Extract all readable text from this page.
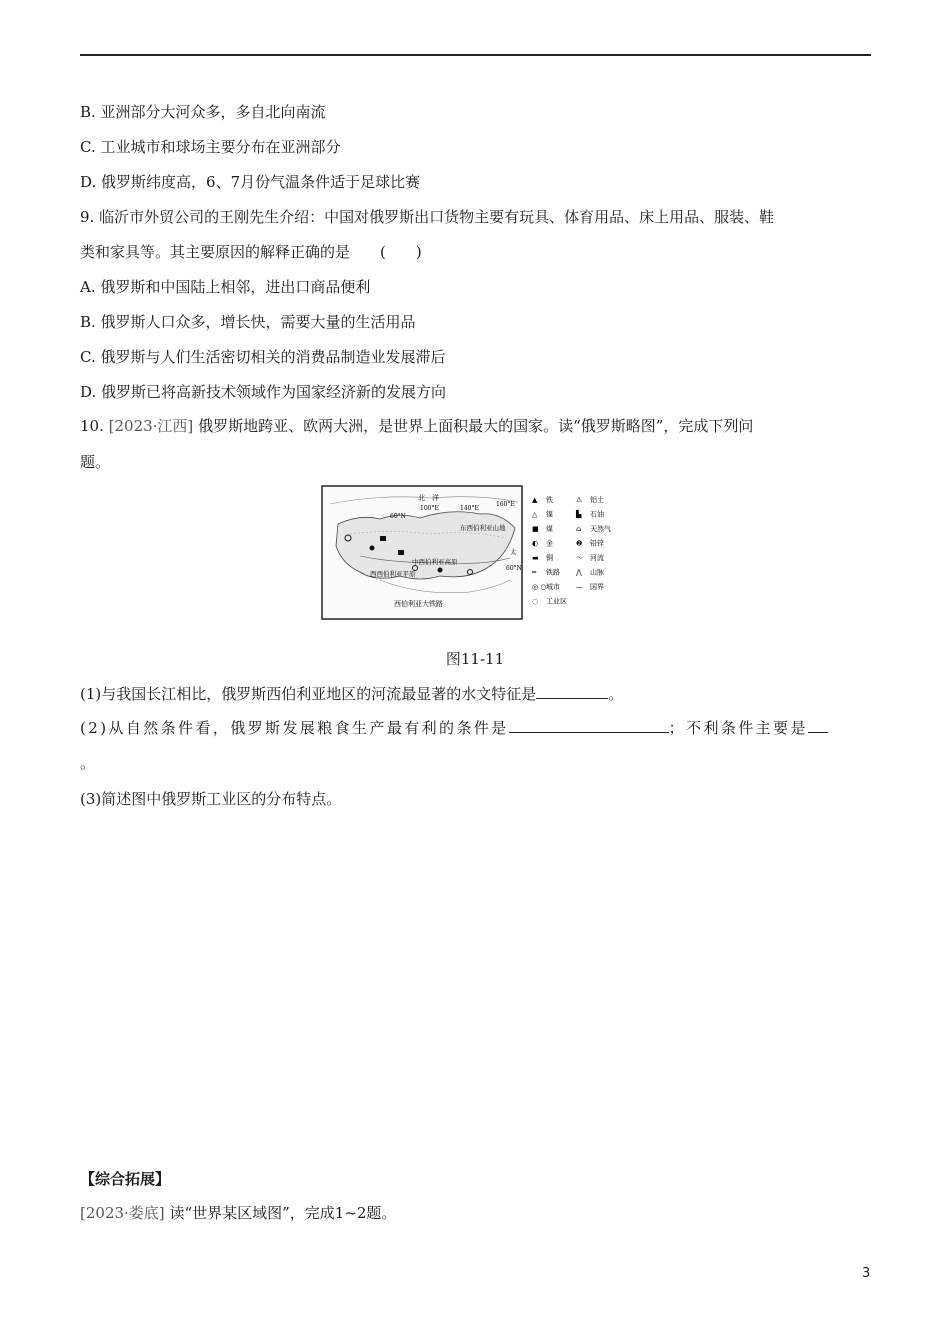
B. 亚洲部分大河众多，多自北向南流
C. 工业城市和球场主要分布在亚洲部分
D. 俄罗斯纬度高，6、7月份气温条件适于足球比赛
9. 临沂市外贸公司的王刚先生介绍：中国对俄罗斯出口货物主要有玩具、体育用品、床上用品、服装、鞋
类和家具等。其主要原因的解释正确的是　　(　　)
A. 俄罗斯和中国陆上相邻，进出口商品便利
B. 俄罗斯人口众多，增长快，需要大量的生活用品
C. 俄罗斯与人们生活密切相关的消费品制造业发展滞后
D. 俄罗斯已将高新技术领域作为国家经济新的发展方向
10. [2023·江西] 俄罗斯地跨亚、欧两大洲，是世界上面积最大的国家。读“俄罗斯略图”，完成下列问
题。
北　洋
100°E	140°E
160°E
60°N
60°N
中西伯利亚高原
东西伯利亚山地
西西伯利亚平原
西伯利亚大铁路
太
▲ 铁	⚠ 铝土
△ 镍	▙ 石油
■ 煤	⌂ 天然气
◐ 金	❷ 铅锌
▬ 铜	〜 河流
═ 铁路 ⋀ 山脉
◎ ○ 城市 — 国界
◌ 工业区
图11-11
(1)与我国长江相比，俄罗斯西伯利亚地区的河流最显著的水文特征是	。
(2)从自然条件看，俄罗斯发展粮食生产最有利的条件是	；不利条件主要是
。
(3)简述图中俄罗斯工业区的分布特点。
【综合拓展】
[2023·娄底] 读“世界某区域图”，完成1~2题。
3
